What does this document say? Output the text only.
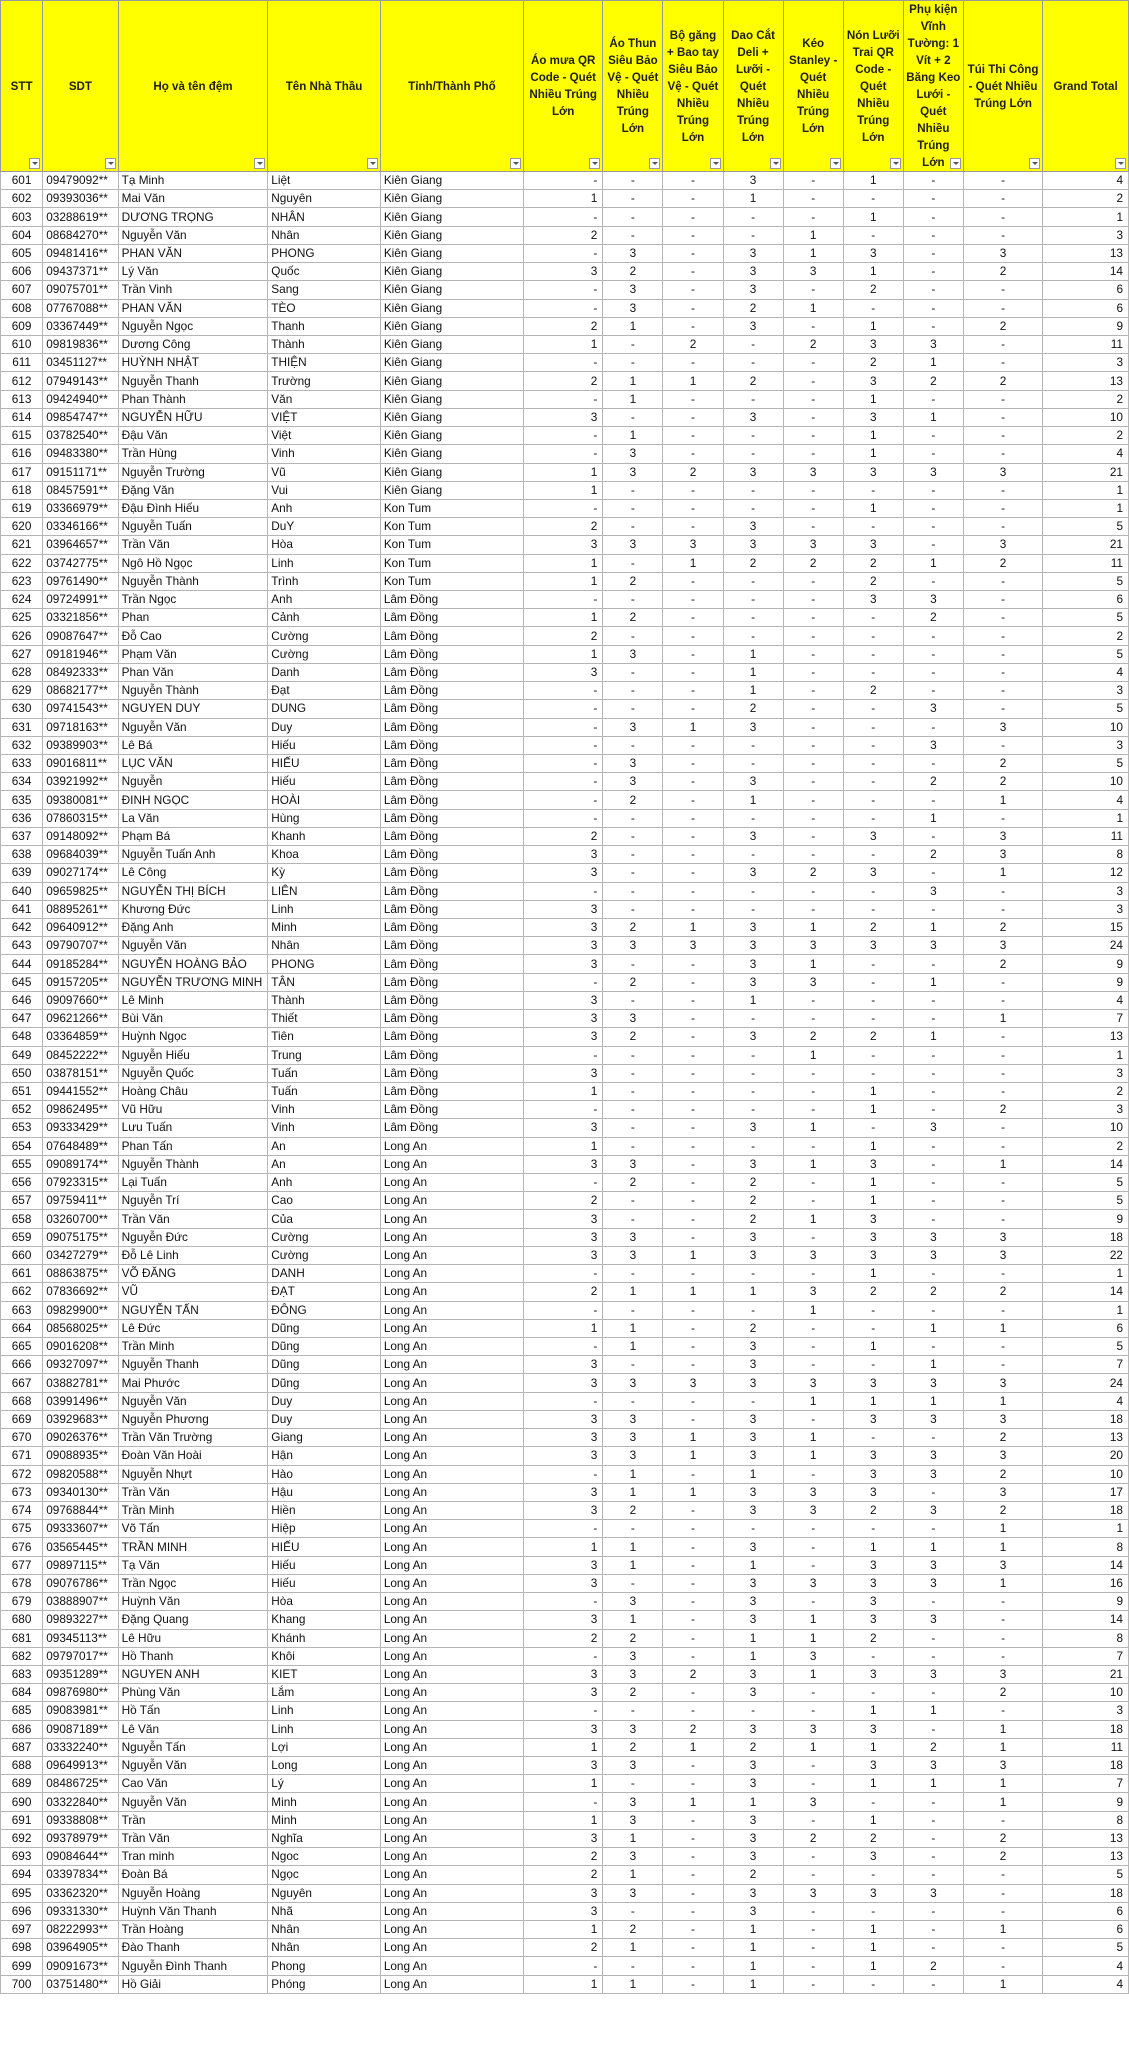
STT	SDT	Họ và tên đệm	Tên Nhà Thầu	Tỉnh/Thành Phố	Áo mưa QR Code - Quét Nhiều Trúng Lớn	Áo Thun Siêu Bảo Vệ - Quét Nhiều Trúng Lớn	Bộ găng + Bao tay Siêu Bảo Vệ - Quét Nhiều Trúng Lớn	Dao Cắt Deli + Lưỡi - Quét Nhiều Trúng Lớn	Kéo Stanley - Quét Nhiều Trúng Lớn	Nón Lưỡi Trai QR Code - Quét Nhiều Trúng Lớn	Phụ kiện Vĩnh Tường: 1 Vít + 2 Băng Keo Lưới - Quét Nhiều Trúng Lớn	Túi Thi Công - Quét Nhiều Trúng Lớn	Grand Total

601	09479092**	Tạ Minh	Liệt	Kiên Giang	-	-	-	3	-	1	-	-	4
602	09393036**	Mai Văn	Nguyên	Kiên Giang	1	-	-	1	-	-	-	-	2
603	03288619**	DƯƠNG TRỌNG	NHÂN	Kiên Giang	-	-	-	-	-	1	-	-	1
604	08684270**	Nguyễn Văn	Nhân	Kiên Giang	2	-	-	-	1	-	-	-	3
605	09481416**	PHAN VĂN	PHONG	Kiên Giang	-	3	-	3	1	3	-	3	13
606	09437371**	Lý Văn	Quốc	Kiên Giang	3	2	-	3	3	1	-	2	14
607	09075701**	Trần Vinh	Sang	Kiên Giang	-	3	-	3	-	2	-	-	6
608	07767088**	PHAN VĂN	TÈO	Kiên Giang	-	3	-	2	1	-	-	-	6
609	03367449**	Nguyễn Ngọc	Thanh	Kiên Giang	2	1	-	3	-	1	-	2	9
610	09819836**	Dương Công	Thành	Kiên Giang	1	-	2	-	2	3	3	-	11
611	03451127**	HUỲNH NHẬT	THIỆN	Kiên Giang	-	-	-	-	-	2	1	-	3
612	07949143**	Nguyễn Thanh	Trường	Kiên Giang	2	1	1	2	-	3	2	2	13
613	09424940**	Phan Thành	Văn	Kiên Giang	-	1	-	-	-	1	-	-	2
614	09854747**	NGUYỄN HỮU	VIỆT	Kiên Giang	3	-	-	3	-	3	1	-	10
615	03782540**	Đậu Văn	Việt	Kiên Giang	-	1	-	-	-	1	-	-	2
616	09483380**	Trần Hùng	Vinh	Kiên Giang	-	3	-	-	-	1	-	-	4
617	09151171**	Nguyễn Trường	Vũ	Kiên Giang	1	3	2	3	3	3	3	3	21
618	08457591**	Đặng Văn	Vui	Kiên Giang	1	-	-	-	-	-	-	-	1
619	03366979**	Đậu Đình Hiếu	Anh	Kon Tum	-	-	-	-	-	1	-	-	1
620	03346166**	Nguyễn Tuấn	DuY	Kon Tum	2	-	-	3	-	-	-	-	5
621	03964657**	Trần Văn	Hòa	Kon Tum	3	3	3	3	3	3	-	3	21
622	03742775**	Ngô Hồ Ngọc	Linh	Kon Tum	1	-	1	2	2	2	1	2	11
623	09761490**	Nguyễn Thành	Trình	Kon Tum	1	2	-	-	-	2	-	-	5
624	09724991**	Trần Ngọc	Anh	Lâm Đồng	-	-	-	-	-	3	3	-	6
625	03321856**	Phan	Cảnh	Lâm Đồng	1	2	-	-	-	-	2	-	5
626	09087647**	Đỗ Cao	Cường	Lâm Đồng	2	-	-	-	-	-	-	-	2
627	09181946**	Phạm Văn	Cường	Lâm Đồng	1	3	-	1	-	-	-	-	5
628	08492333**	Phan Văn	Danh	Lâm Đồng	3	-	-	1	-	-	-	-	4
629	08682177**	Nguyễn Thành	Đạt	Lâm Đồng	-	-	-	1	-	2	-	-	3
630	09741543**	NGUYEN DUY	DUNG	Lâm Đồng	-	-	-	2	-	-	3	-	5
631	09718163**	Nguyễn Văn	Duy	Lâm Đồng	-	3	1	3	-	-	-	3	10
632	09389903**	Lê Bá	Hiếu	Lâm Đồng	-	-	-	-	-	-	3	-	3
633	09016811**	LỤC VĂN	HIẾU	Lâm Đồng	-	3	-	-	-	-	-	2	5
634	03921992**	Nguyễn	Hiếu	Lâm Đồng	-	3	-	3	-	-	2	2	10
635	09380081**	ĐINH NGỌC	HOÀI	Lâm Đồng	-	2	-	1	-	-	-	1	4
636	07860315**	La Văn	Hùng	Lâm Đồng	-	-	-	-	-	-	1	-	1
637	09148092**	Phạm Bá	Khanh	Lâm Đồng	2	-	-	3	-	3	-	3	11
638	09684039**	Nguyễn Tuấn Anh	Khoa	Lâm Đồng	3	-	-	-	-	-	2	3	8
639	09027174**	Lê Công	Kỳ	Lâm Đồng	3	-	-	3	2	3	-	1	12
640	09659825**	NGUYỄN THỊ BÍCH	LIÊN	Lâm Đồng	-	-	-	-	-	-	3	-	3
641	08895261**	Khương Đức	Linh	Lâm Đồng	3	-	-	-	-	-	-	-	3
642	09640912**	Đặng Anh	Minh	Lâm Đồng	3	2	1	3	1	2	1	2	15
643	09790707**	Nguyễn Văn	Nhân	Lâm Đồng	3	3	3	3	3	3	3	3	24
644	09185284**	NGUYỄN HOÀNG BẢO	PHONG	Lâm Đồng	3	-	-	3	1	-	-	2	9
645	09157205**	NGUYỄN TRƯƠNG MINH	TÂN	Lâm Đồng	-	2	-	3	3	-	1	-	9
646	09097660**	Lê Minh	Thành	Lâm Đồng	3	-	-	1	-	-	-	-	4
647	09621266**	Bùi Văn	Thiết	Lâm Đồng	3	3	-	-	-	-	-	1	7
648	03364859**	Huỳnh Ngọc	Tiên	Lâm Đồng	3	2	-	3	2	2	1	-	13
649	08452222**	Nguyễn Hiếu	Trung	Lâm Đồng	-	-	-	-	1	-	-	-	1
650	03878151**	Nguyễn Quốc	Tuấn	Lâm Đồng	3	-	-	-	-	-	-	-	3
651	09441552**	Hoàng Châu	Tuấn	Lâm Đồng	1	-	-	-	-	1	-	-	2
652	09862495**	Vũ Hữu	Vinh	Lâm Đồng	-	-	-	-	-	1	-	2	3
653	09333429**	Lưu Tuấn	Vinh	Lâm Đồng	3	-	-	3	1	-	3	-	10
654	07648489**	Phan Tấn	An	Long An	1	-	-	-	-	1	-	-	2
655	09089174**	Nguyễn Thành	An	Long An	3	3	-	3	1	3	-	1	14
656	07923315**	Lại Tuấn	Anh	Long An	-	2	-	2	-	1	-	-	5
657	09759411**	Nguyễn Trí	Cao	Long An	2	-	-	2	-	1	-	-	5
658	03260700**	Trần Văn	Của	Long An	3	-	-	2	1	3	-	-	9
659	09075175**	Nguyễn Đức	Cường	Long An	3	3	-	3	-	3	3	3	18
660	03427279**	Đỗ Lê Linh	Cường	Long An	3	3	1	3	3	3	3	3	22
661	08863875**	VÕ ĐĂNG	DANH	Long An	-	-	-	-	-	1	-	-	1
662	07836692**	VŨ	ĐẠT	Long An	2	1	1	1	3	2	2	2	14
663	09829900**	NGUYỄN TẤN	ĐÔNG	Long An	-	-	-	-	1	-	-	-	1
664	08568025**	Lê Đức	Dũng	Long An	1	1	-	2	-	-	1	1	6
665	09016208**	Trần Minh	Dũng	Long An	-	1	-	3	-	1	-	-	5
666	09327097**	Nguyễn Thanh	Dũng	Long An	3	-	-	3	-	-	1	-	7
667	03882781**	Mai Phước	Dũng	Long An	3	3	3	3	3	3	3	3	24
668	03991496**	Nguyễn Văn	Duy	Long An	-	-	-	-	1	1	1	1	4
669	03929683**	Nguyễn Phương	Duy	Long An	3	3	-	3	-	3	3	3	18
670	09026376**	Trần Văn Trường	Giang	Long An	3	3	1	3	1	-	-	2	13
671	09088935**	Đoàn Văn Hoài	Hận	Long An	3	3	1	3	1	3	3	3	20
672	09820588**	Nguyễn Nhựt	Hào	Long An	-	1	-	1	-	3	3	2	10
673	09340130**	Trần Văn	Hậu	Long An	3	1	1	3	3	3	-	3	17
674	09768844**	Trần Minh	Hiền	Long An	3	2	-	3	3	2	3	2	18
675	09333607**	Võ Tấn	Hiệp	Long An	-	-	-	-	-	-	-	1	1
676	03565445**	TRẦN MINH	HIẾU	Long An	1	1	-	3	-	1	1	1	8
677	09897115**	Tạ Văn	Hiếu	Long An	3	1	-	1	-	3	3	3	14
678	09076786**	Trần Ngọc	Hiếu	Long An	3	-	-	3	3	3	3	1	16
679	03888907**	Huỳnh Văn	Hòa	Long An	-	3	-	3	-	3	-	-	9
680	09893227**	Đặng Quang	Khang	Long An	3	1	-	3	1	3	3	-	14
681	09345113**	Lê Hữu	Khánh	Long An	2	2	-	1	1	2	-	-	8
682	09797017**	Hồ Thanh	Khôi	Long An	-	3	-	1	3	-	-	-	7
683	09351289**	NGUYEN ANH	KIET	Long An	3	3	2	3	1	3	3	3	21
684	09876980**	Phùng Văn	Lắm	Long An	3	2	-	3	-	-	-	2	10
685	09083981**	Hồ Tấn	Linh	Long An	-	-	-	-	-	1	1	-	3
686	09087189**	Lê Văn	Linh	Long An	3	3	2	3	3	3	-	1	18
687	03332240**	Nguyễn Tấn	Lợi	Long An	1	2	1	2	1	1	2	1	11
688	09649913**	Nguyễn Văn	Long	Long An	3	3	-	3	-	3	3	3	18
689	08486725**	Cao Văn	Lý	Long An	1	-	-	3	-	1	1	1	7
690	03322840**	Nguyễn Văn	Minh	Long An	-	3	1	1	3	-	-	1	9
691	09338808**	Trần	Minh	Long An	1	3	-	3	-	1	-	-	8
692	09378979**	Trần Văn	Nghĩa	Long An	3	1	-	3	2	2	-	2	13
693	09084644**	Tran minh	Ngoc	Long An	2	3	-	3	-	3	-	2	13
694	03397834**	Đoàn Bá	Ngọc	Long An	2	1	-	2	-	-	-	-	5
695	03362320**	Nguyễn Hoàng	Nguyên	Long An	3	3	-	3	3	3	3	-	18
696	09331330**	Huỳnh Văn Thanh	Nhã	Long An	3	-	-	3	-	-	-	-	6
697	08222993**	Trần Hoàng	Nhân	Long An	1	2	-	1	-	1	-	1	6
698	03964905**	Đào Thanh	Nhân	Long An	2	1	-	1	-	1	-	-	5
699	09091673**	Nguyễn Đình Thanh	Phong	Long An	-	-	-	1	-	1	2	-	4
700	03751480**	Hồ Giải	Phóng	Long An	1	1	-	1	-	-	-	1	4
